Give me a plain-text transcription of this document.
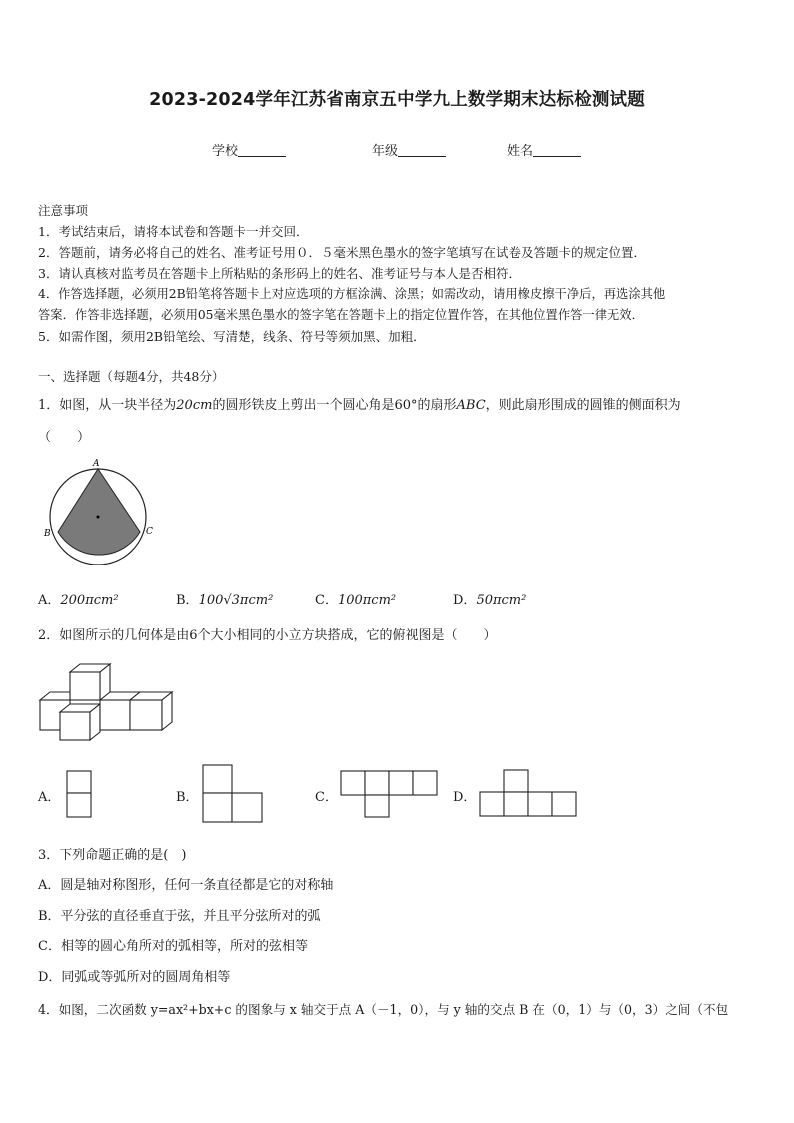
2023-2024学年江苏省南京五中学九上数学期末达标检测试题
学校	年级	姓名
注意事项
1．考试结束后，请将本试卷和答题卡一并交回．
2．答题前，请务必将自己的姓名、准考证号用０．５毫米黑色墨水的签字笔填写在试卷及答题卡的规定位置．
3．请认真核对监考员在答题卡上所粘贴的条形码上的姓名、准考证号与本人是否相符．
4．作答选择题，必须用2B铅笔将答题卡上对应选项的方框涂满、涂黑；如需改动，请用橡皮擦干净后，再选涂其他
答案．作答非选择题，必须用05毫米黑色墨水的签字笔在答题卡上的指定位置作答，在其他位置作答一律无效．
5．如需作图，须用2B铅笔绘、写清楚，线条、符号等须加黑、加粗．
一、选择题（每题4分，共48分）
1．如图，从一块半径为20cm的圆形铁皮上剪出一个圆心角是60°的扇形ABC，则此扇形围成的圆锥的侧面积为
（　　）
A
B	C
A．200πcm²	B．100√3πcm²	C．100πcm²	D．50πcm²
2．如图所示的几何体是由6个大小相同的小立方块搭成，它的俯视图是（　　）
A．	B．	C．	D．
3．下列命题正确的是(　)
A．圆是轴对称图形，任何一条直径都是它的对称轴
B．平分弦的直径垂直于弦，并且平分弦所对的弧
C．相等的圆心角所对的弧相等，所对的弦相等
D．同弧或等弧所对的圆周角相等
4．如图，二次函数 y=ax²+bx+c 的图象与 x 轴交于点 A（－1，0），与 y 轴的交点 B 在（0，1）与（0，3）之间（不包
